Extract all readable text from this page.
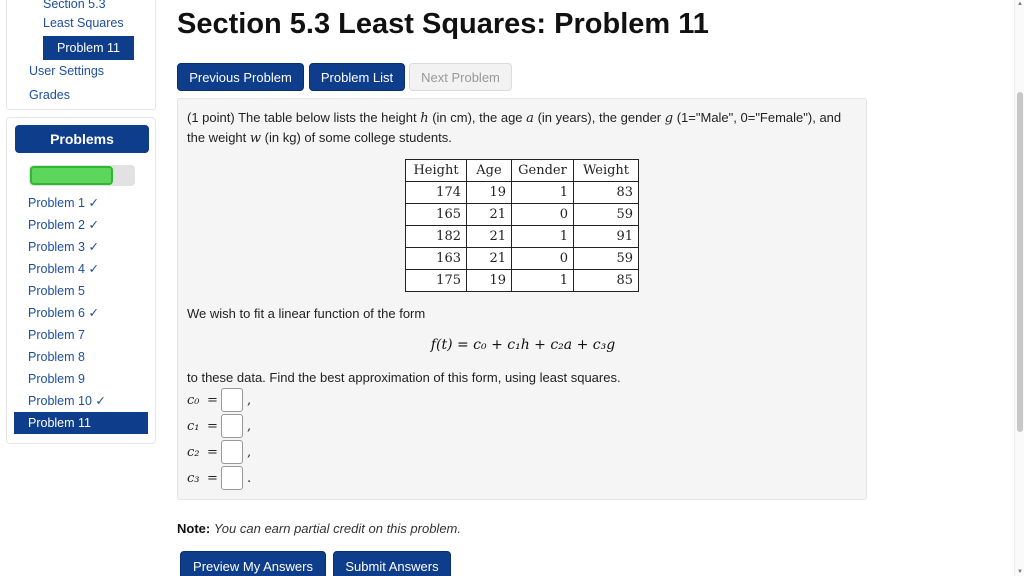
Section 5.3
Least Squares
Problem 11
User Settings
Grades
Problems
Problem 1 ✓
Problem 2 ✓
Problem 3 ✓
Problem 4 ✓
Problem 5
Problem 6 ✓
Problem 7
Problem 8
Problem 9
Problem 10 ✓
Problem 11
Section 5.3 Least Squares: Problem 11
Previous Problem	Problem List	Next Problem

(1 point) The table below lists the height h (in cm), the age a (in years), the gender g (1="Male", 0="Female"), and the weight w (in kg) of some college students.

Height	Age	Gender	Weight
174	19	1	83
165	21	0	59
182	21	1	91
163	21	0	59
175	19	1	85

We wish to fit a linear function of the form

f(t) = c₀ + c₁h + c₂a + c₃g

to these data. Find the best approximation of this form, using least squares.

c₀ = ,
c₁ = ,
c₂ = ,
c₃ = .

Note: You can earn partial credit on this problem.

Preview My Answers	Submit Answers
▲
▼
